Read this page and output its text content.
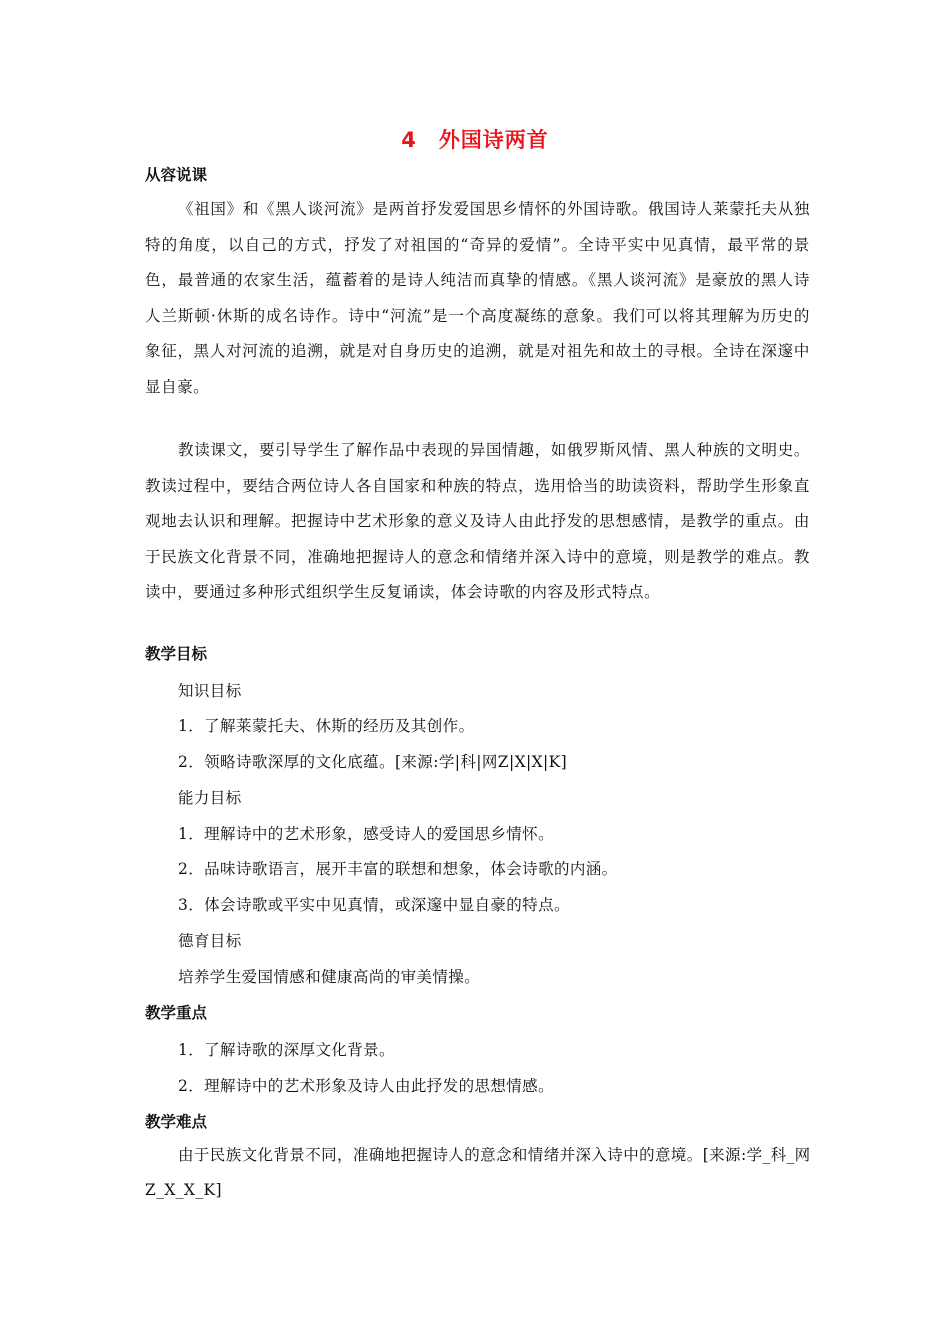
4 外国诗两首
从容说课
《祖国》和《黑人谈河流》是两首抒发爱国思乡情怀的外国诗歌。俄国诗人莱蒙托夫从独特的角度，以自己的方式，抒发了对祖国的“奇异的爱情”。全诗平实中见真情，最平常的景色，最普通的农家生活，蕴蓄着的是诗人纯洁而真挚的情感。《黑人谈河流》是豪放的黑人诗人兰斯顿·休斯的成名诗作。诗中“河流”是一个高度凝练的意象。我们可以将其理解为历史的象征，黑人对河流的追溯，就是对自身历史的追溯，就是对祖先和故土的寻根。全诗在深邃中显自豪。
教读课文，要引导学生了解作品中表现的异国情趣，如俄罗斯风情、黑人种族的文明史。教读过程中，要结合两位诗人各自国家和种族的特点，选用恰当的助读资料，帮助学生形象直观地去认识和理解。把握诗中艺术形象的意义及诗人由此抒发的思想感情，是教学的重点。由于民族文化背景不同，准确地把握诗人的意念和情绪并深入诗中的意境，则是教学的难点。教读中，要通过多种形式组织学生反复诵读，体会诗歌的内容及形式特点。
教学目标
知识目标
1．了解莱蒙托夫、休斯的经历及其创作。
2．领略诗歌深厚的文化底蕴。[来源:学|科|网Z|X|X|K]
能力目标
1．理解诗中的艺术形象，感受诗人的爱国思乡情怀。
2．品味诗歌语言，展开丰富的联想和想象，体会诗歌的内涵。
3．体会诗歌或平实中见真情，或深邃中显自豪的特点。
德育目标
培养学生爱国情感和健康高尚的审美情操。
教学重点
1．了解诗歌的深厚文化背景。
2．理解诗中的艺术形象及诗人由此抒发的思想情感。
教学难点
由于民族文化背景不同，准确地把握诗人的意念和情绪并深入诗中的意境。[来源:学_科_网Z_X_X_K]
